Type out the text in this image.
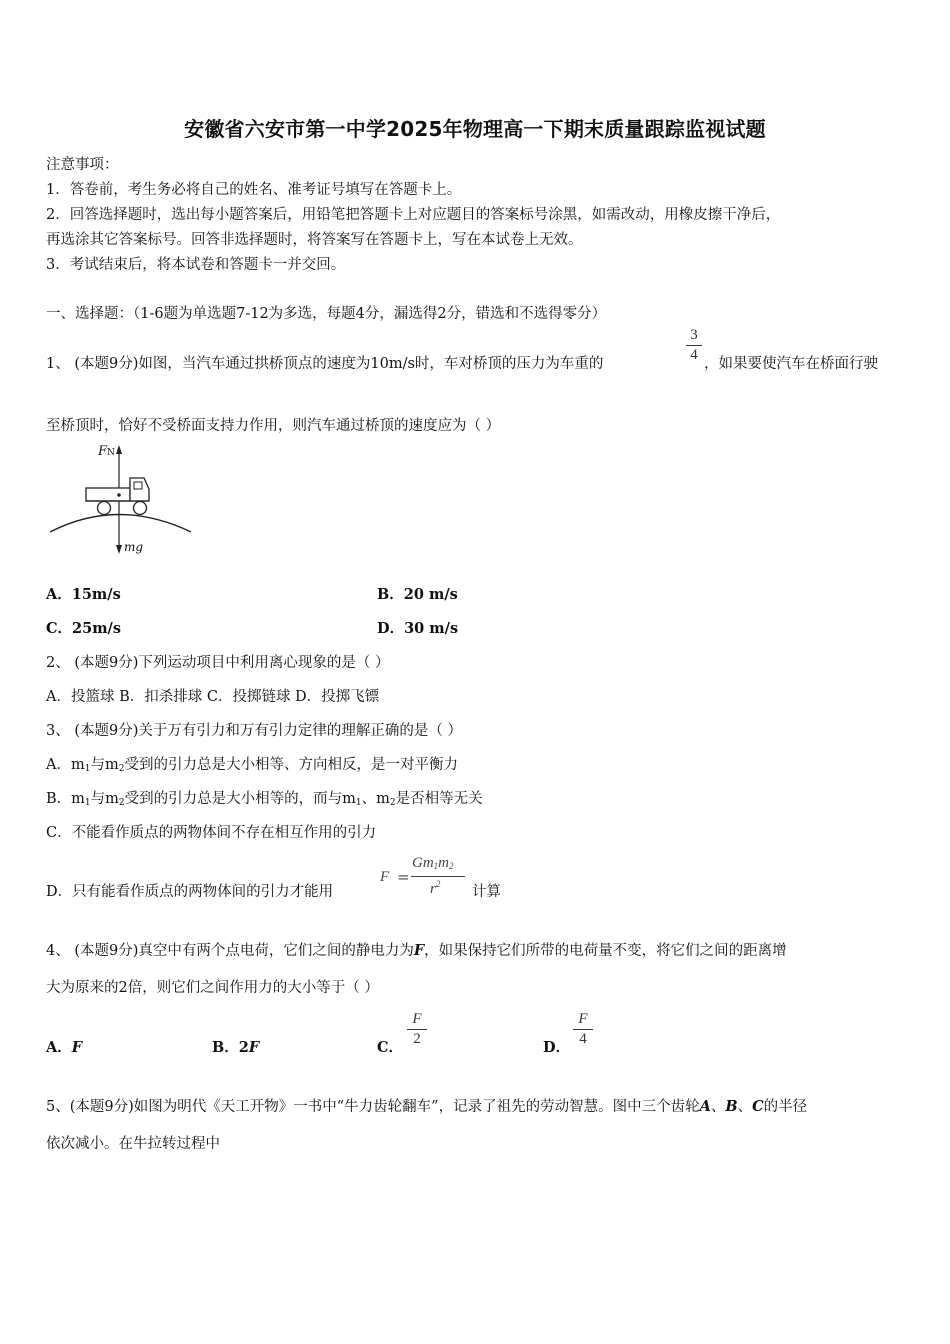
安徽省六安市第一中学2025年物理高一下期末质量跟踪监视试题
注意事项：
1．答卷前，考生务必将自己的姓名、准考证号填写在答题卡上。
2．回答选择题时，选出每小题答案后，用铅笔把答题卡上对应题目的答案标号涂黑，如需改动，用橡皮擦干净后，
再选涂其它答案标号。回答非选择题时，将答案写在答题卡上，写在本试卷上无效。
3．考试结束后，将本试卷和答题卡一并交回。
一、选择题：（1-6题为单选题7-12为多选，每题4分，漏选得2分，错选和不选得零分）
1、 (本题9分)如图，当汽车通过拱桥顶点的速度为10m/s时，车对桥顶的压力为车重的
3
4
，如果要使汽车在桥面行驶
至桥顶时，恰好不受桥面支持力作用，则汽车通过桥顶的速度应为（ ）
FN
mg
A．15m/s	B．20 m/s
C．25m/s	D．30 m/s
2、 (本题9分)下列运动项目中利用离心现象的是（ ）
A．投篮球 B．扣杀排球 C．投掷链球 D．投掷飞镖
3、 (本题9分)关于万有引力和万有引力定律的理解正确的是（ ）
A．$m_1$与$m_2$受到的引力总是大小相等、方向相反，是一对平衡力
B．$m_1$与$m_2$受到的引力总是大小相等的，而与$m_1$、$m_2$是否相等无关
C．不能看作质点的两物体间不存在相互作用的引力
D．只有能看作质点的两物体间的引力才能用
F =
$Gm_1m_2$
$r^2$ 计算
4、 (本题9分)真空中有两个点电荷，它们之间的静电力为F，如果保持它们所带的电荷量不变，将它们之间的距离增
大为原来的2倍，则它们之间作用力的大小等于（ ）
A．F	B．2F	C．
F
2	D．
F
4
5、(本题9分)如图为明代《天工开物》一书中“牛力齿轮翻车”，记录了祖先的劳动智慧。图中三个齿轮A、B、C的半径
依次减小。在牛拉转过程中
